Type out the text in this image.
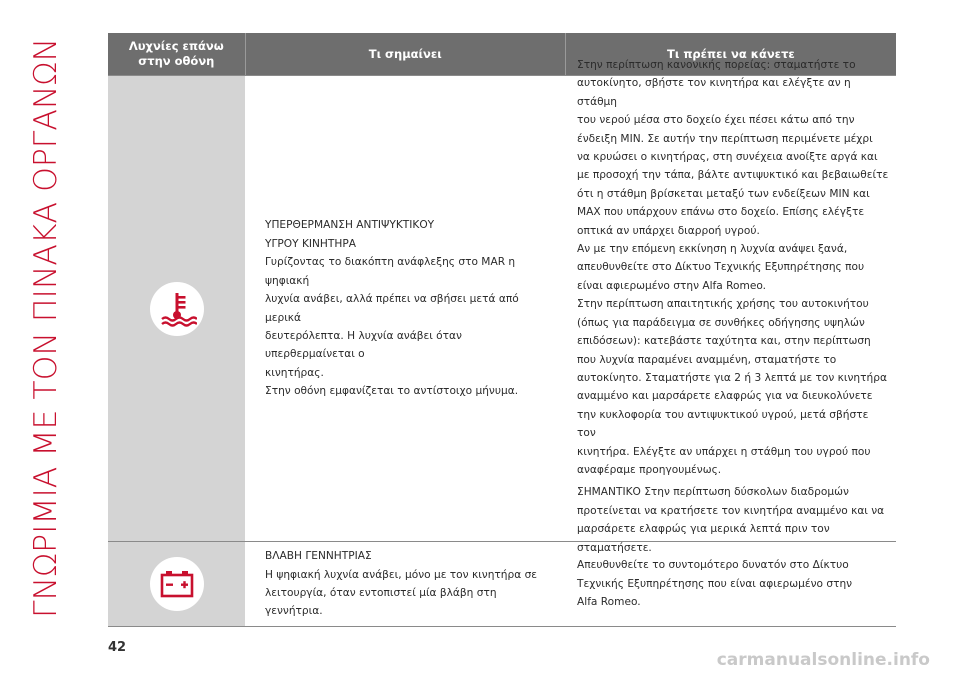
ΓΝΩΡΙΜΙΑ ΜΕ ΤΟΝ ΠΙΝΑΚΑ ΟΡΓΑΝΩΝ
Λυχνίες επάνω
στην οθόνη
Τι σημαίνει	Τι πρέπει να κάνετε
ΥΠΕΡΘΕΡΜΑΝΣΗ ΑΝΤΙΨΥΚΤΙΚΟΥ
ΥΓΡΟΥ ΚΙΝΗΤΗΡΑ
Γυρίζοντας το διακόπτη ανάφλεξης στο MAR η ψηφιακή
λυχνία ανάβει, αλλά πρέπει να σβήσει μετά από μερικά
δευτερόλεπτα. Η λυχνία ανάβει όταν υπερθερμαίνεται ο
κινητήρας.
Στην οθόνη εμφανίζεται το αντίστοιχο μήνυμα.
Στην περίπτωση κανονικής πορείας: σταματήστε το
αυτοκίνητο, σβήστε τον κινητήρα και ελέγξτε αν η στάθμη
του νερού μέσα στο δοχείο έχει πέσει κάτω από την
ένδειξη MIN. Σε αυτήν την περίπτωση περιμένετε μέχρι
να κρυώσει ο κινητήρας, στη συνέχεια ανοίξτε αργά και
με προσοχή την τάπα, βάλτε αντιψυκτικό και βεβαιωθείτε
ότι η στάθμη βρίσκεται μεταξύ των ενδείξεων MIN και
MAX που υπάρχουν επάνω στο δοχείο. Επίσης ελέγξτε
οπτικά αν υπάρχει διαρροή υγρού.
Αν με την επόμενη εκκίνηση η λυχνία ανάψει ξανά,
απευθυνθείτε στο Δίκτυο Τεχνικής Εξυπηρέτησης που
είναι αφιερωμένο στην Alfa Romeo.
Στην περίπτωση απαιτητικής χρήσης του αυτοκινήτου
(όπως για παράδειγμα σε συνθήκες οδήγησης υψηλών
επιδόσεων): κατεβάστε ταχύτητα και, στην περίπτωση
που λυχνία παραμένει αναμμένη, σταματήστε το
αυτοκίνητο. Σταματήστε για 2 ή 3 λεπτά με τον κινητήρα
αναμμένο και μαρσάρετε ελαφρώς για να διευκολύνετε
την κυκλοφορία του αντιψυκτικού υγρού, μετά σβήστε τον
κινητήρα. Ελέγξτε αν υπάρχει η στάθμη του υγρού που
αναφέραμε προηγουμένως.
ΣΗΜΑΝΤΙΚΟ Στην περίπτωση δύσκολων διαδρομών
προτείνεται να κρατήσετε τον κινητήρα αναμμένο και να
μαρσάρετε ελαφρώς για μερικά λεπτά πριν τον
σταματήσετε.
ΒΛΑΒΗ ΓΕΝΝΗΤΡΙΑΣ
Η ψηφιακή λυχνία ανάβει, μόνο με τον κινητήρα σε
λειτουργία, όταν εντοπιστεί μία βλάβη στη γεννήτρια.
Απευθυνθείτε το συντομότερο δυνατόν στο Δίκτυο
Τεχνικής Εξυπηρέτησης που είναι αφιερωμένο στην
Alfa Romeo.
42
carmanualsonline.info
